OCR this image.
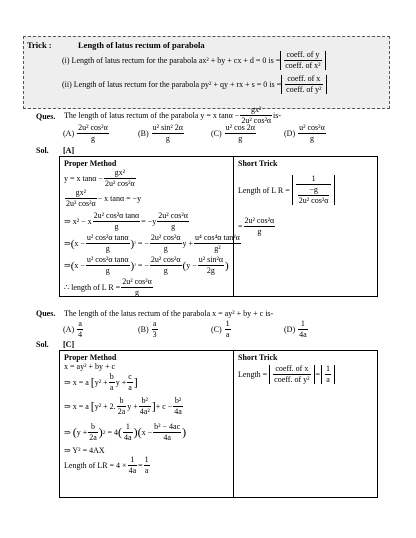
Trick :	Length of latus rectum of parabola
(i) Length of latus rectum for the parabola ax² + by + cx + d = 0 is = $\frac{\text{coeff. of y}}{\text{coeff. of x²}}$
(ii) Length of latus rectum for the parabola py² + qy + rx + s = 0 is = $\frac{\text{coeff. of x}}{\text{coeff. of y²}}$
Ques. The length of latus rectum of the parabola y = x $\tan\alpha - \frac{\text{gx²}}{\text{2u² cos²α}} is-$
$(A) \frac{\text{2u² cos²α}}{g}$	$(B) \frac{\text{u² sin² 2α}}{g}$	$(C) \frac{\text{u² cos 2α}}{g}$	$(D) \frac{\text{u² cos²α}}{g}$
Sol. [A]
Proper Method	Short Trick
y = x $\tan\alpha - \frac{\text{gx²}}{\text{2u² cos²α}}$
$\frac{\text{gx²}}{\text{2u² cos²α}} - x$ tanα = −y
⇒ x² − x $\frac{\text{2u² cos²α tanα}}{g} = -y \frac{\text{2u² cos²α}}{g}$
⇒ ( $x - \frac{\text{u² cos²α tanα}}{g}$ ) ² = − $\frac{\text{2u² cos²α}}{g}$ $y + \frac{\text{u⁴ cos⁴α tan²α}}{\text{g²}}$
⇒ ( $x - \frac{\text{u² cos²α tanα}}{g}$ ) ² = − $\frac{\text{2u² cos²α}}{g}$ ( $y - \frac{\text{u² sin²α}}{2g}$ )
∴ length of L $R = \frac{\text{2u² cos²α}}{g}$
Length of L $R = \frac{1}{\frac{-g}{\text{2u² cos²α}}}$
= $\frac{\text{2u² cos²α}}{g}$
Ques. The length of the latus rectum of the parabola x = ay² + by + c is-
$(A) \frac{a}{4}$	$(B) \frac{a}{3}$	$(C) \frac{1}{a}$	$(D) \frac{1}{4a}$
Sol. [C]
Proper Method	Short Trick
x = ay² + by + c
⇒ x = a [ $y^2 + \frac{b}{a}$ $y + \frac{c}{a}$ ]
⇒ x = a [ y² + 2. $\frac{b}{2a}$ $y + \frac{\text{b²}}{\text{4a²}}$ ] + $c - \frac{\text{b²}}{4a}$
⇒ ( $y + \frac{b}{2a}$ ) 2 = 4 ( $\frac{1}{4a}$ ) ( $x - \frac{\text{b² − 4ac}}{4a}$ )
⇒ Y² = 4AX
Length of LR = $4 \times \frac{1}{4a} = \frac{1}{a}$
Length = $\frac{\text{coeff. of x}}{\text{coeff. of y²}} = \frac{1}{a}$
